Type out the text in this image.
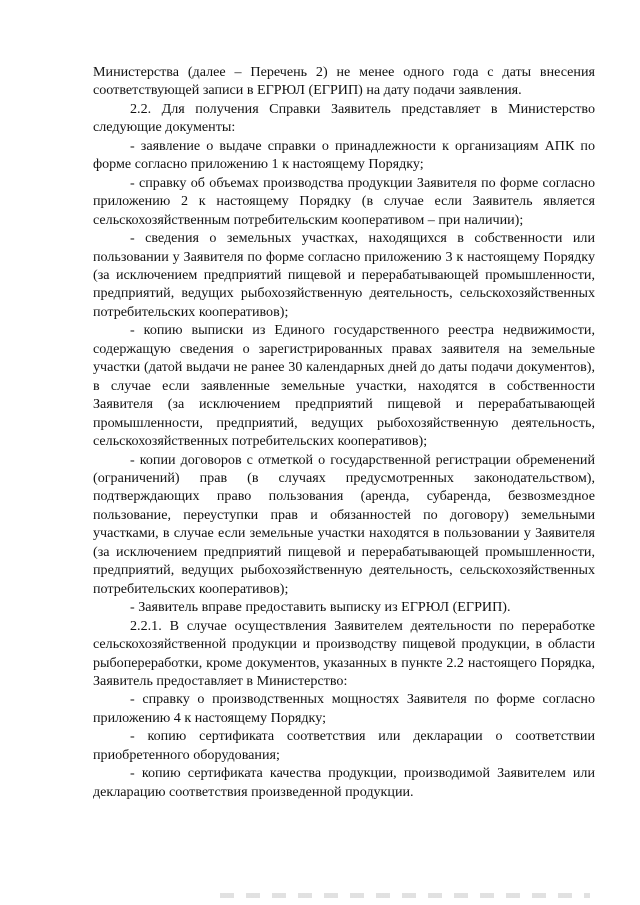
Министерства (далее – Перечень 2) не менее одного года с даты внесения соответствующей записи в ЕГРЮЛ (ЕГРИП) на дату подачи заявления.

2.2. Для получения Справки Заявитель представляет в Министерство следующие документы:

- заявление о выдаче справки о принадлежности к организациям АПК по форме согласно приложению 1 к настоящему Порядку;

- справку об объемах производства продукции Заявителя по форме согласно приложению 2 к настоящему Порядку (в случае если Заявитель является сельскохозяйственным потребительским кооперативом – при наличии);

- сведения о земельных участках, находящихся в собственности или пользовании у Заявителя по форме согласно приложению 3 к настоящему Порядку (за исключением предприятий пищевой и перерабатывающей промышленности, предприятий, ведущих рыбохозяйственную деятельность, сельскохозяйственных потребительских кооперативов);

- копию выписки из Единого государственного реестра недвижимости, содержащую сведения о зарегистрированных правах заявителя на земельные участки (датой выдачи не ранее 30 календарных дней до даты подачи документов), в случае если заявленные земельные участки, находятся в собственности Заявителя (за исключением предприятий пищевой и перерабатывающей промышленности, предприятий, ведущих рыбохозяйственную деятельность, сельскохозяйственных потребительских кооперативов);

- копии договоров с отметкой о государственной регистрации обременений (ограничений) прав (в случаях предусмотренных законодательством), подтверждающих право пользования (аренда, субаренда, безвозмездное пользование, переуступки прав и обязанностей по договору) земельными участками, в случае если земельные участки находятся в пользовании у Заявителя (за исключением предприятий пищевой и перерабатывающей промышленности, предприятий, ведущих рыбохозяйственную деятельность, сельскохозяйственных потребительских кооперативов);

- Заявитель вправе предоставить выписку из ЕГРЮЛ (ЕГРИП).

2.2.1. В случае осуществления Заявителем деятельности по переработке сельскохозяйственной продукции и производству пищевой продукции, в области рыбопереработки, кроме документов, указанных в пункте 2.2 настоящего Порядка, Заявитель предоставляет в Министерство:

- справку о производственных мощностях Заявителя по форме согласно приложению 4 к настоящему Порядку;

- копию сертификата соответствия или декларации о соответствии приобретенного оборудования;

- копию сертификата качества продукции, производимой Заявителем или декларацию соответствия произведенной продукции.
